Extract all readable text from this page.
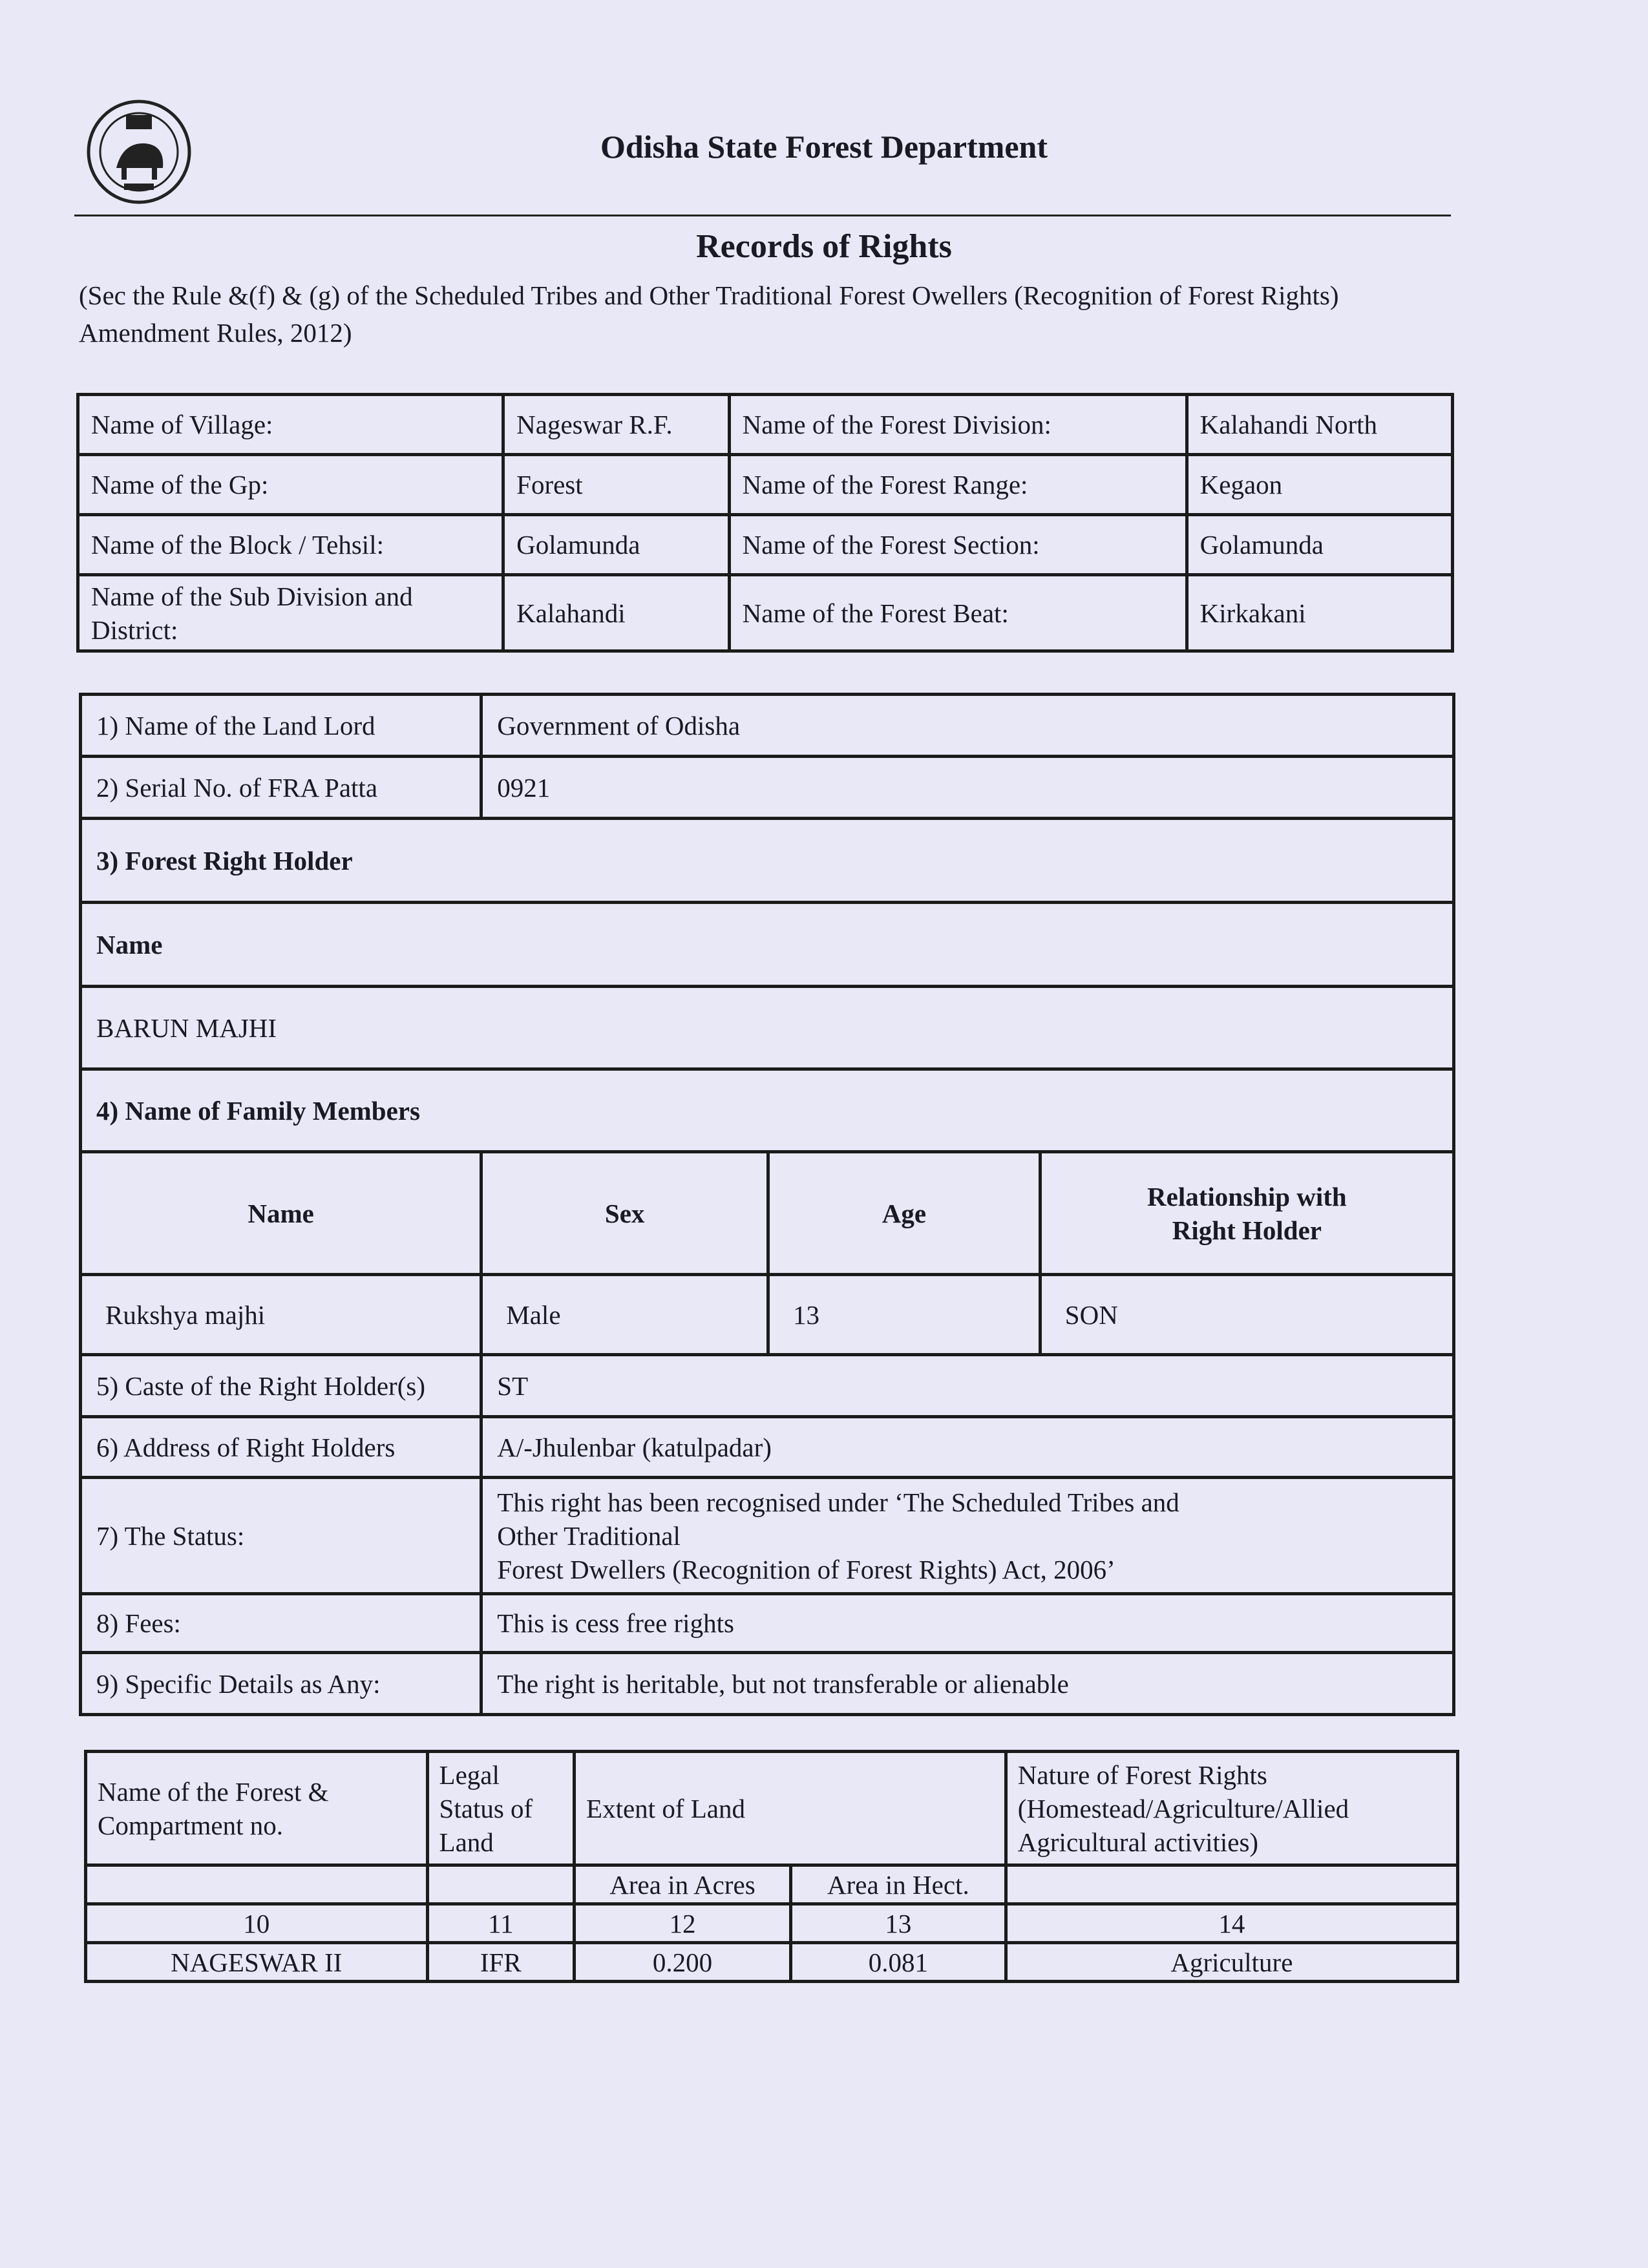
Odisha State Forest Department
Records of Rights
(Sec the Rule &(f) & (g) of the Scheduled Tribes and Other Traditional Forest Owellers (Recognition of Forest Rights) Amendment Rules, 2012)
Name of Village:	Nageswar R.F.	Name of the Forest Division:	Kalahandi North
Name of the Gp:	Forest	Name of the Forest Range:	Kegaon
Name of the Block / Tehsil:	Golamunda	Name of the Forest Section:	Golamunda
Name of the Sub Division and District:	Kalahandi	Name of the Forest Beat:	Kirkakani
1) Name of the Land Lord	Government of Odisha		
2) Serial No. of FRA Patta	0921		
3) Forest Right Holder			
Name			
BARUN MAJHI			
4) Name of Family Members			
Name	Sex	Age	Relationship with Right Holder
Rukshya majhi	Male	13	SON
5) Caste of the Right Holder(s)	ST		
6) Address of Right Holders	A/-Jhulenbar (katulpadar)		
7) The Status:	This right has been recognised under ‘The Scheduled Tribes and Other Traditional
Forest Dwellers (Recognition of Forest Rights) Act, 2006’		

8) Fees:	This is cess free rights		
9) Specific Details as Any:	The right is heritable, but not transferable or alienable		
Name of the Forest & Compartment no.	Legal Status of Land	Extent of Land		Nature of Forest Rights (Homestead/Agriculture/Allied Agricultural activities)
		Area in Acres	Area in Hect.	
10	11	12	13	14
NAGESWAR II	IFR	0.200	0.081	Agriculture
